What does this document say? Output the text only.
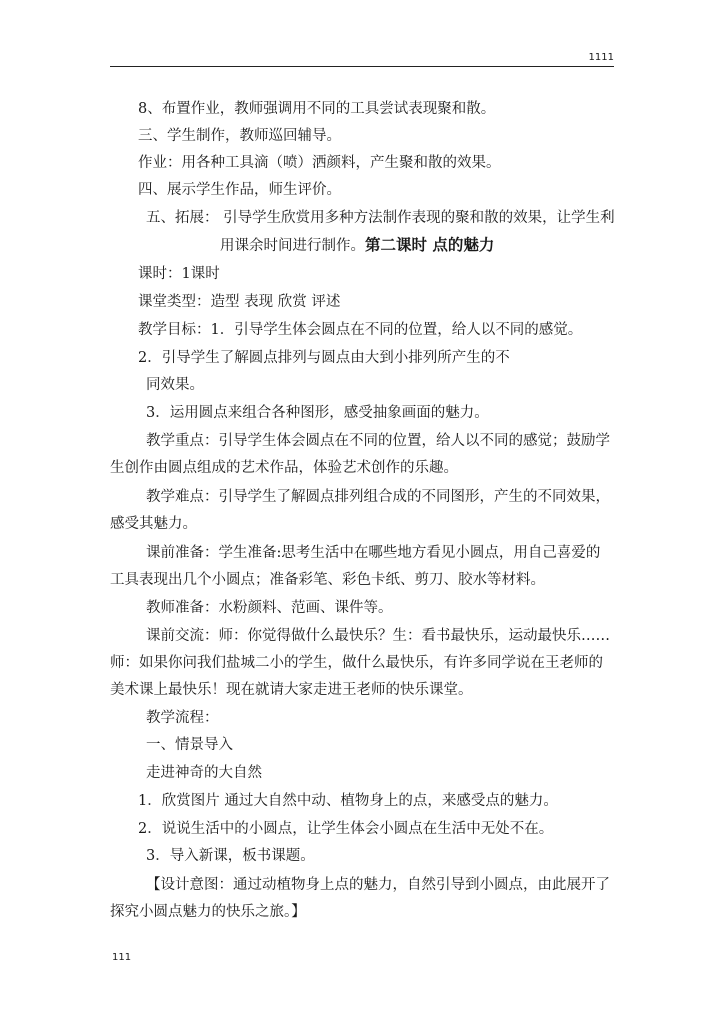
1111
8、布置作业，教师强调用不同的工具尝试表现聚和散。
三、学生制作，教师巡回辅导。
作业：用各种工具滴（喷）洒颜料，产生聚和散的效果。
四、展示学生作品，师生评价。
五、拓展： 引导学生欣赏用多种方法制作表现的聚和散的效果，让学生利
用课余时间进行制作。第二课时 点的魅力
课时：1课时
课堂类型：造型 表现 欣赏 评述
教学目标：1．引导学生体会圆点在不同的位置，给人以不同的感觉。
2．引导学生了解圆点排列与圆点由大到小排列所产生的不
同效果。
3．运用圆点来组合各种图形，感受抽象画面的魅力。
教学重点：引导学生体会圆点在不同的位置，给人以不同的感觉；鼓励学
生创作由圆点组成的艺术作品，体验艺术创作的乐趣。
教学难点：引导学生了解圆点排列组合成的不同图形，产生的不同效果，
感受其魅力。
课前准备：学生准备:思考生活中在哪些地方看见小圆点，用自己喜爱的
工具表现出几个小圆点；准备彩笔、彩色卡纸、剪刀、胶水等材料。
教师准备：水粉颜料、范画、课件等。
课前交流：师：你觉得做什么最快乐？生：看书最快乐，运动最快乐……
师：如果你问我们盐城二小的学生，做什么最快乐，有许多同学说在王老师的
美术课上最快乐！现在就请大家走进王老师的快乐课堂。
教学流程：
一、情景导入
走进神奇的大自然
1．欣赏图片 通过大自然中动、植物身上的点，来感受点的魅力。
2．说说生活中的小圆点，让学生体会小圆点在生活中无处不在。
3．导入新课，板书课题。
【设计意图：通过动植物身上点的魅力，自然引导到小圆点，由此展开了
探究小圆点魅力的快乐之旅。】
111
